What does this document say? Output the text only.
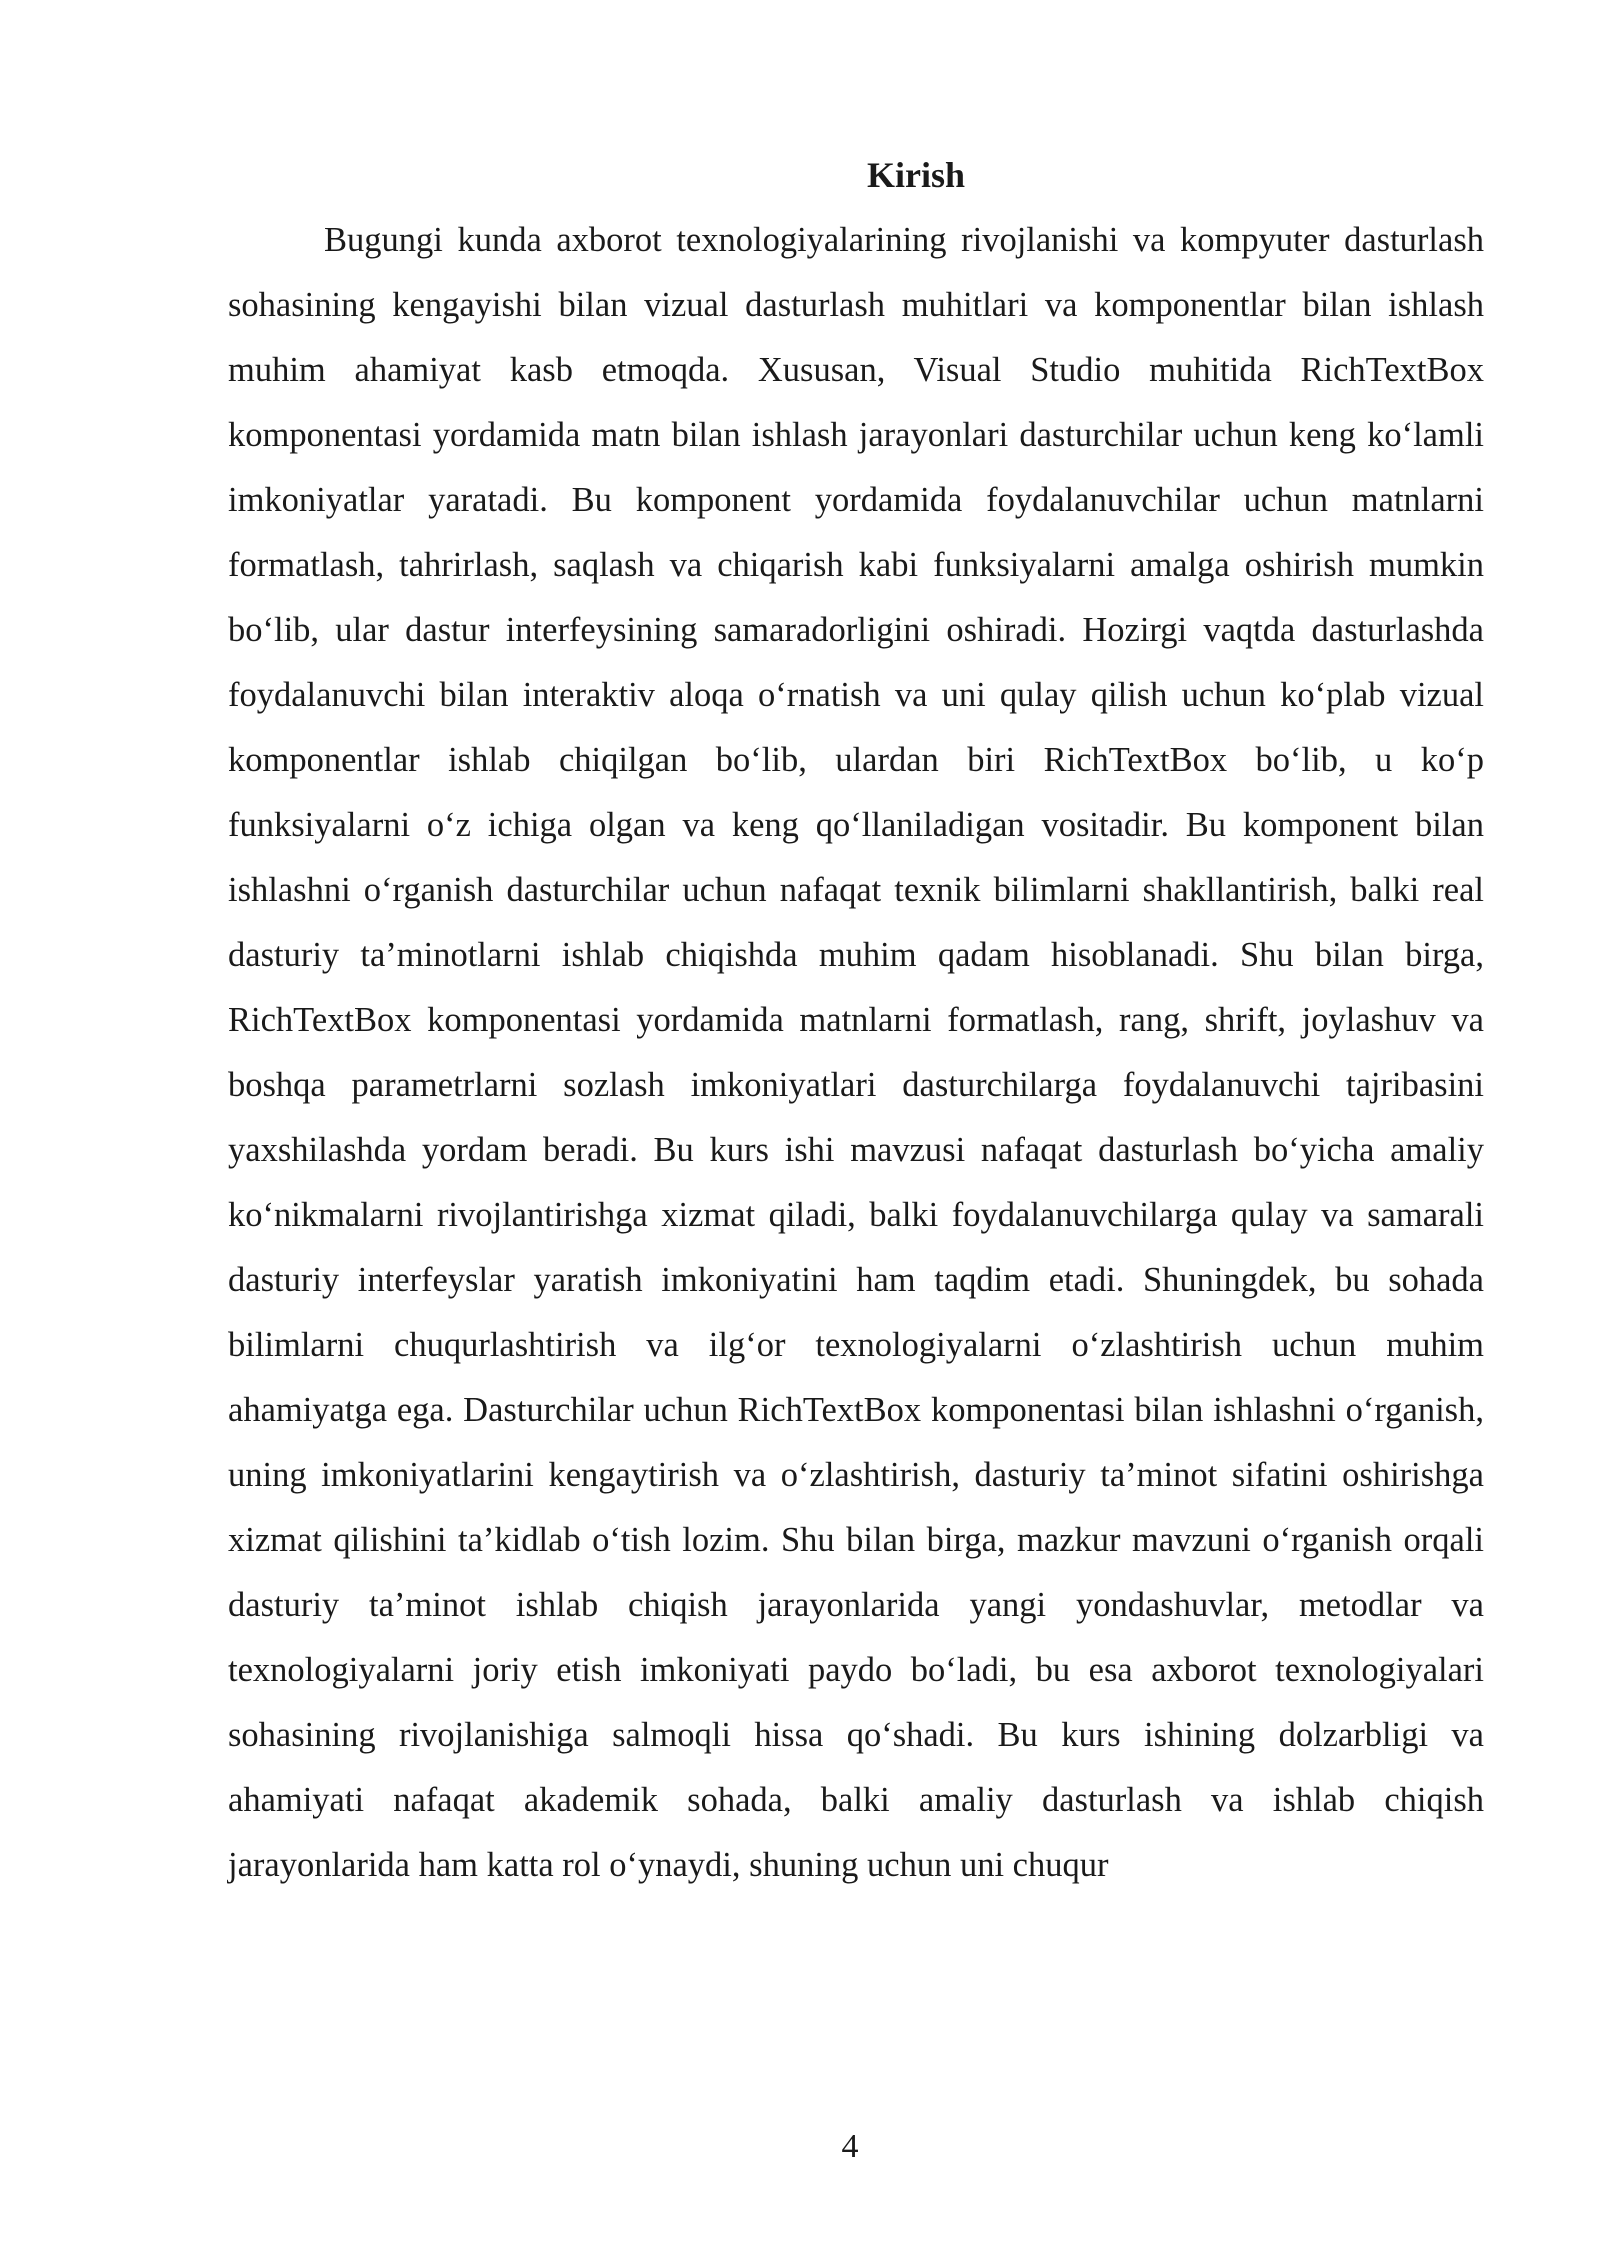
Kirish

Bugungi kunda axborot texnologiyalarining rivojlanishi va kompyuter dasturlash sohasining kengayishi bilan vizual dasturlash muhitlari va komponentlar bilan ishlash muhim ahamiyat kasb etmoqda. Xususan, Visual Studio muhitida RichTextBox komponentasi yordamida matn bilan ishlash jarayonlari dasturchilar uchun keng ko‘lamli imkoniyatlar yaratadi. Bu komponent yordamida foydalanuvchilar uchun matnlarni formatlash, tahrirlash, saqlash va chiqarish kabi funksiyalarni amalga oshirish mumkin bo‘lib, ular dastur interfeysining samaradorligini oshiradi. Hozirgi vaqtda dasturlashda foydalanuvchi bilan interaktiv aloqa o‘rnatish va uni qulay qilish uchun ko‘plab vizual komponentlar ishlab chiqilgan bo‘lib, ulardan biri RichTextBox bo‘lib, u ko‘p funksiyalarni o‘z ichiga olgan va keng qo‘llaniladigan vositadir. Bu komponent bilan ishlashni o‘rganish dasturchilar uchun nafaqat texnik bilimlarni shakllantirish, balki real dasturiy ta’minotlarni ishlab chiqishda muhim qadam hisoblanadi. Shu bilan birga, RichTextBox komponentasi yordamida matnlarni formatlash, rang, shrift, joylashuv va boshqa parametrlarni sozlash imkoniyatlari dasturchilarga foydalanuvchi tajribasini yaxshilashda yordam beradi. Bu kurs ishi mavzusi nafaqat dasturlash bo‘yicha amaliy ko‘nikmalarni rivojlantirishga xizmat qiladi, balki foydalanuvchilarga qulay va samarali dasturiy interfeyslar yaratish imkoniyatini ham taqdim etadi. Shuningdek, bu sohada bilimlarni chuqurlashtirish va ilg‘or texnologiyalarni o‘zlashtirish uchun muhim ahamiyatga ega. Dasturchilar uchun RichTextBox komponentasi bilan ishlashni o‘rganish, uning imkoniyatlarini kengaytirish va o‘zlashtirish, dasturiy ta’minot sifatini oshirishga xizmat qilishini ta’kidlab o‘tish lozim. Shu bilan birga, mazkur mavzuni o‘rganish orqali dasturiy ta’minot ishlab chiqish jarayonlarida yangi yondashuvlar, metodlar va texnologiyalarni joriy etish imkoniyati paydo bo‘ladi, bu esa axborot texnologiyalari sohasining rivojlanishiga salmoqli hissa qo‘shadi. Bu kurs ishining dolzarbligi va ahamiyati nafaqat akademik sohada, balki amaliy dasturlash va ishlab chiqish jarayonlarida ham katta rol o‘ynaydi, shuning uchun uni chuqur

4
